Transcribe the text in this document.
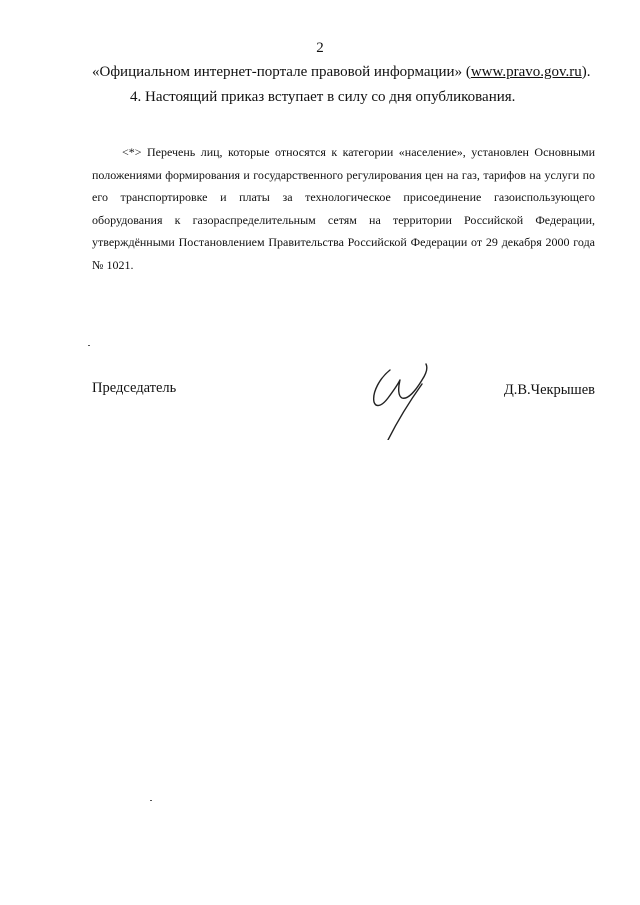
2
«Официальном интернет-портале правовой информации» (www.pravo.gov.ru).
4. Настоящий приказ вступает в силу со дня опубликования.
<*> Перечень лиц, которые относятся к категории «население», установлен Основными положениями формирования и государственного регулирования цен на газ, тарифов на услуги по его транспортировке и платы за технологическое присоединение газоиспользующего оборудования к газораспределительным сетям на территории Российской Федерации, утверждёнными Постановлением Правительства Российской Федерации от 29 декабря 2000 года № 1021.
Председатель	Д.В.Чекрышев
